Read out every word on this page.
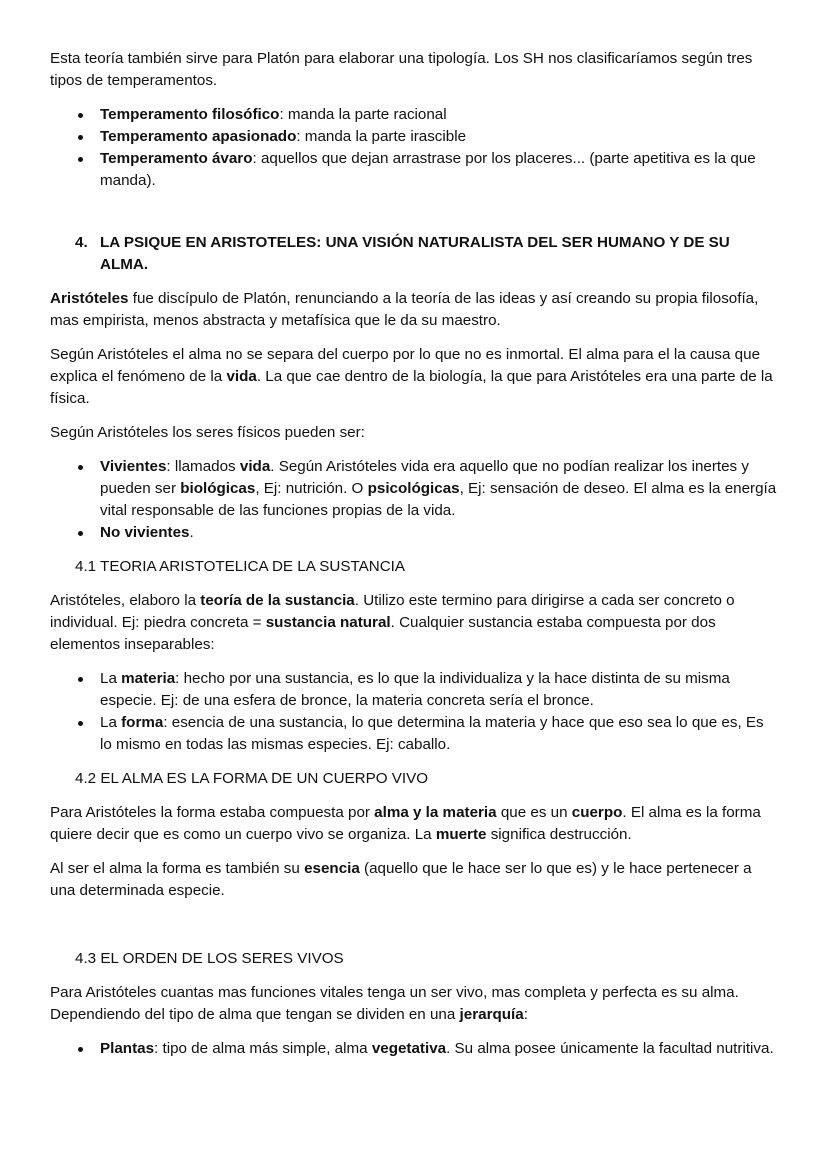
Esta teoría también sirve para Platón para elaborar una tipología. Los SH nos clasificaríamos según tres tipos de temperamentos.

Temperamento filosófico: manda la parte racional
Temperamento apasionado: manda la parte irascible
Temperamento ávaro: aquellos que dejan arrastrase por los placeres... (parte apetitiva es la que manda).
4. LA PSIQUE EN ARISTOTELES: UNA VISIÓN NATURALISTA DEL SER HUMANO Y DE SU ALMA.

Aristóteles fue discípulo de Platón, renunciando a la teoría de las ideas y así creando su propia filosofía, mas empirista, menos abstracta y metafísica que le da su maestro.

Según Aristóteles el alma no se separa del cuerpo por lo que no es inmortal. El alma para el la causa que explica el fenómeno de la vida. La que cae dentro de la biología, la que para Aristóteles era una parte de la física.

Según Aristóteles los seres físicos pueden ser:

Vivientes: llamados vida. Según Aristóteles vida era aquello que no podían realizar los inertes y pueden ser biológicas, Ej: nutrición. O psicológicas, Ej: sensación de deseo. El alma es la energía vital responsable de las funciones propias de la vida.
No vivientes.
4.1 TEORIA ARISTOTELICA DE LA SUSTANCIA

Aristóteles, elaboro la teoría de la sustancia. Utilizo este termino para dirigirse a cada ser concreto o individual. Ej: piedra concreta = sustancia natural. Cualquier sustancia estaba compuesta por dos elementos inseparables:

La materia: hecho por una sustancia, es lo que la individualiza y la hace distinta de su misma especie. Ej: de una esfera de bronce, la materia concreta sería el bronce.
La forma: esencia de una sustancia, lo que determina la materia y hace que eso sea lo que es, Es lo mismo en todas las mismas especies. Ej: caballo.
4.2 EL ALMA ES LA FORMA DE UN CUERPO VIVO

Para Aristóteles la forma estaba compuesta por alma y la materia que es un cuerpo. El alma es la forma quiere decir que es como un cuerpo vivo se organiza. La muerte significa destrucción.

Al ser el alma la forma es también su esencia (aquello que le hace ser lo que es) y le hace pertenecer a una determinada especie.

4.3 EL ORDEN DE LOS SERES VIVOS

Para Aristóteles cuantas mas funciones vitales tenga un ser vivo, mas completa y perfecta es su alma. Dependiendo del tipo de alma que tengan se dividen en una jerarquía:

Plantas: tipo de alma más simple, alma vegetativa. Su alma posee únicamente la facultad nutritiva.
